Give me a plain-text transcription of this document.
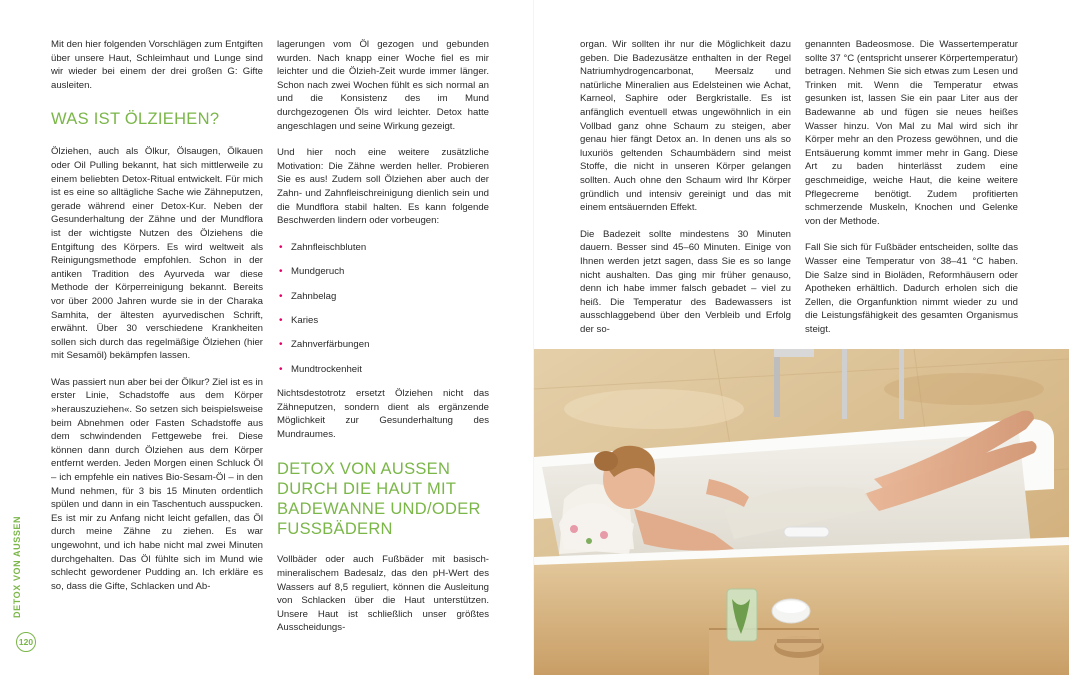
DETOX VON AUSSEN
120

Mit den hier folgenden Vorschlägen zum Entgiften über unsere Haut, Schleimhaut und Lunge sind wir wieder bei einem der drei großen G: Gifte ausleiten.

WAS IST ÖLZIEHEN?

Ölziehen, auch als Ölkur, Ölsaugen, Ölkauen oder Oil Pulling bekannt, hat sich mittlerweile zu einem beliebten Detox-Ritual entwickelt. Für mich ist es eine so alltägliche Sache wie Zähneputzen, gerade während einer Detox-Kur. Neben der Gesunderhaltung der Zähne und der Mundflora ist der wichtigste Nutzen des Ölziehens die Entgiftung des Körpers. Es wird weltweit als Reinigungsmethode empfohlen. Schon in der antiken Tradition des Ayurveda war diese Methode der Körperreinigung bekannt. Bereits vor über 2000 Jahren wurde sie in der Charaka Samhita, der ältesten ayurvedischen Schrift, erwähnt. Über 30 verschiedene Krankheiten sollen sich durch das regelmäßige Ölziehen (hier mit Sesamöl) bekämpfen lassen.

Was passiert nun aber bei der Ölkur? Ziel ist es in erster Linie, Schadstoffe aus dem Körper »herauszuziehen«. So setzen sich beispielsweise beim Abnehmen oder Fasten Schadstoffe aus dem schwindenden Fettgewebe frei. Diese können dann durch Ölziehen aus dem Körper entfernt werden. Jeden Morgen einen Schluck Öl – ich empfehle ein natives Bio-Sesam-Öl – in den Mund nehmen, für 3 bis 15 Minuten ordentlich spülen und dann in ein Taschentuch ausspucken. Es ist mir zu Anfang nicht leicht gefallen, das Öl durch meine Zähne zu ziehen. Es war ungewohnt, und ich habe nicht mal zwei Minuten durchgehalten. Das Öl fühlte sich im Mund wie schlecht gewordener Pudding an. Ich erkläre es so, dass die Gifte, Schlacken und Ab-

lagerungen vom Öl gezogen und gebunden wurden. Nach knapp einer Woche fiel es mir leichter und die Ölzieh-Zeit wurde immer länger. Schon nach zwei Wochen fühlt es sich normal an und die Konsistenz des im Mund durchgezogenen Öls wird leichter. Detox hatte angeschlagen und seine Wirkung gezeigt.

Und hier noch eine weitere zusätzliche Motivation: Die Zähne werden heller. Probieren Sie es aus! Zudem soll Ölziehen aber auch der Zahn- und Zahnfleischreinigung dienlich sein und die Mundflora stabil halten. Es kann folgende Beschwerden lindern oder vorbeugen:

• Zahnfleischbluten
• Mundgeruch
• Zahnbelag
• Karies
• Zahnverfärbungen
• Mundtrockenheit

Nichtsdestotrotz ersetzt Ölziehen nicht das Zähneputzen, sondern dient als ergänzende Möglichkeit zur Gesunderhaltung des Mundraumes.

DETOX VON AUSSEN DURCH DIE HAUT MIT BADEWANNE UND/ODER FUSSBÄDERN

Vollbäder oder auch Fußbäder mit basisch-mineralischem Badesalz, das den pH-Wert des Wassers auf 8,5 reguliert, können die Ausleitung von Schlacken über die Haut unterstützen. Unsere Haut ist schließlich unser größtes Ausscheidungs-

organ. Wir sollten ihr nur die Möglichkeit dazu geben. Die Badezusätze enthalten in der Regel Natriumhydrogencarbonat, Meersalz und natürliche Mineralien aus Edelsteinen wie Achat, Karneol, Saphire oder Bergkristalle. Es ist anfänglich eventuell etwas ungewöhnlich in ein Vollbad ganz ohne Schaum zu steigen, aber genau hier fängt Detox an. In denen uns als so luxuriös geltenden Schaumbädern sind meist Stoffe, die nicht in unseren Körper gelangen sollten. Auch ohne den Schaum wird Ihr Körper gründlich und intensiv gereinigt und das mit einem entsäuernden Effekt.

Die Badezeit sollte mindestens 30 Minuten dauern. Besser sind 45–60 Minuten. Einige von Ihnen werden jetzt sagen, dass Sie es so lange nicht aushalten. Das ging mir früher genauso, denn ich habe immer falsch gebadet – viel zu heiß. Die Temperatur des Badewassers ist ausschlaggebend über den Verbleib und Erfolg der so-

genannten Badeosmose. Die Wassertemperatur sollte 37 °C (entspricht unserer Körpertemperatur) betragen. Nehmen Sie sich etwas zum Lesen und Trinken mit. Wenn die Temperatur etwas gesunken ist, lassen Sie ein paar Liter aus der Badewanne ab und fügen sie neues heißes Wasser hinzu. Von Mal zu Mal wird sich ihr Körper mehr an den Prozess gewöhnen, und die Entsäuerung kommt immer mehr in Gang. Diese Art zu baden hinterlässt zudem eine geschmeidige, weiche Haut, die keine weitere Pflegecreme benötigt. Zudem profitierten schmerzende Muskeln, Knochen und Gelenke von der Methode.

Fall Sie sich für Fußbäder entscheiden, sollte das Wasser eine Temperatur von 38–41 °C haben. Die Salze sind in Bioläden, Reformhäusern oder Apotheken erhältlich. Dadurch erholen sich die Zellen, die Organfunktion nimmt wieder zu und die Leistungsfähigkeit des gesamten Organismus steigt.
